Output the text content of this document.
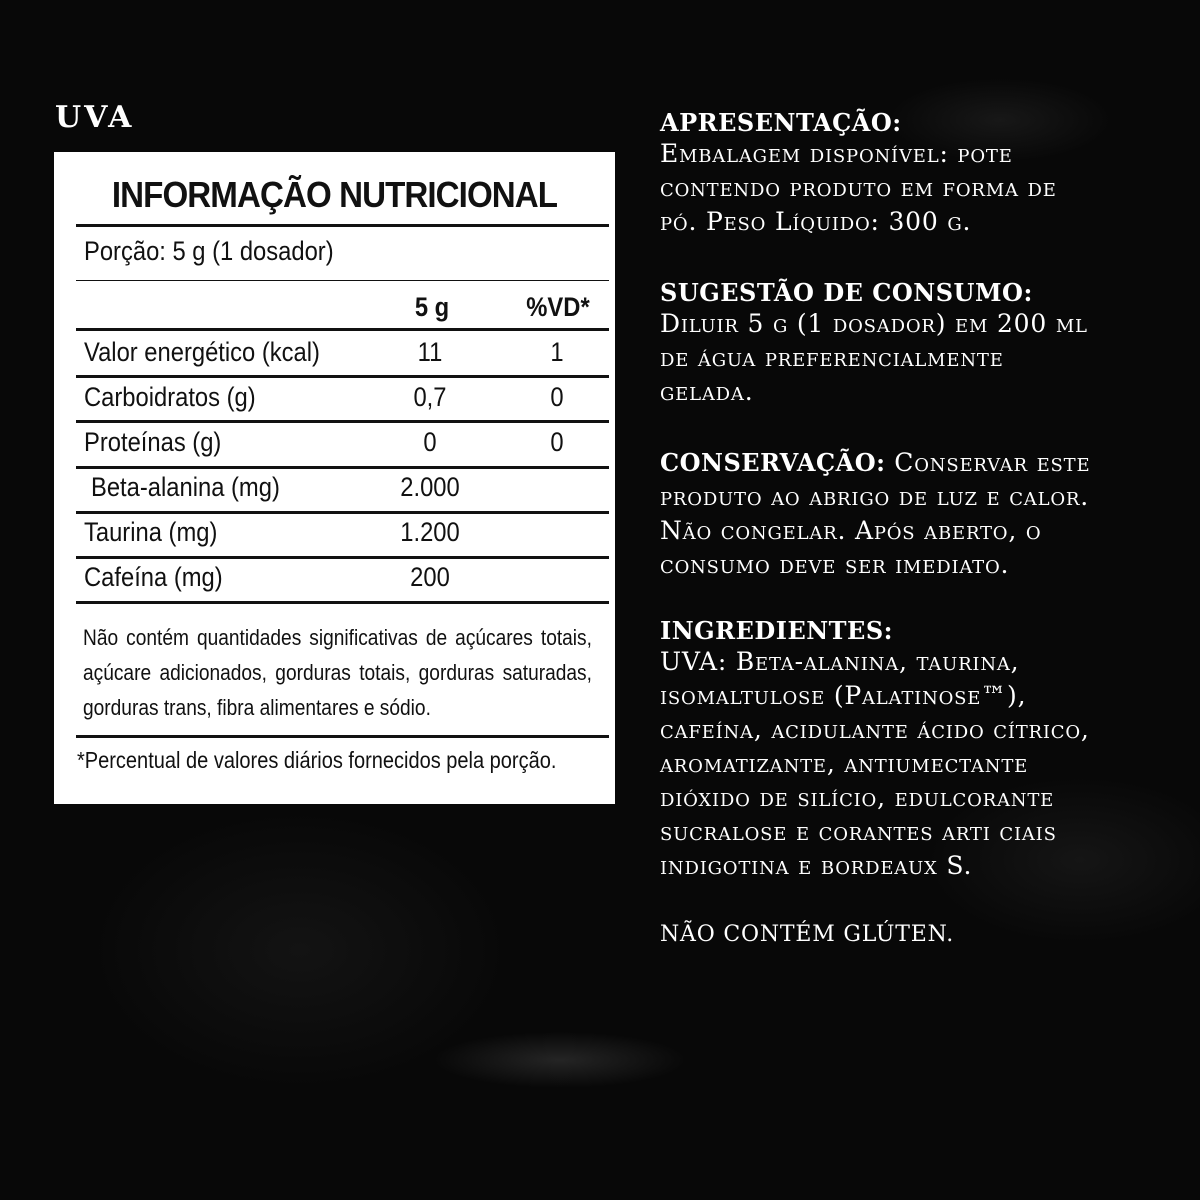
UVA
INFORMAÇÃO NUTRICIONAL
Porção: 5 g (1 dosador)
5 g	%VD*
Valor energético (kcal)	11	1
Carboidratos (g)	0,7	0
Proteínas (g)	0	0
Beta-alanina (mg)	2.000
Taurina (mg)	1.200
Cafeína (mg)	200
Não contém quantidades significativas de açúcares totais, açúcare adicionados, gorduras totais, gorduras saturadas, gorduras trans, fibra alimentares e sódio.
*Percentual de valores diários fornecidos pela porção.
APRESENTAÇÃO:
Embalagem disponível: pote
contendo produto em forma de
pó. Peso Líquido: 300 g.
SUGESTÃO DE CONSUMO:
Diluir 5 g (1 dosador) em 200 ml
de água preferencialmente
gelada.
CONSERVAÇÃO: Conservar este
produto ao abrigo de luz e calor.
Não congelar. Após aberto, o
consumo deve ser imediato.
INGREDIENTES:
UVA: Beta-alanina, taurina,
isomaltulose (Palatinose™),
cafeína, acidulante ácido cítrico,
aromatizante, antiumectante
dióxido de silício, edulcorante
sucralose e corantes arti ciais
indigotina e bordeaux S.
NÃO CONTÉM GLÚTEN.
